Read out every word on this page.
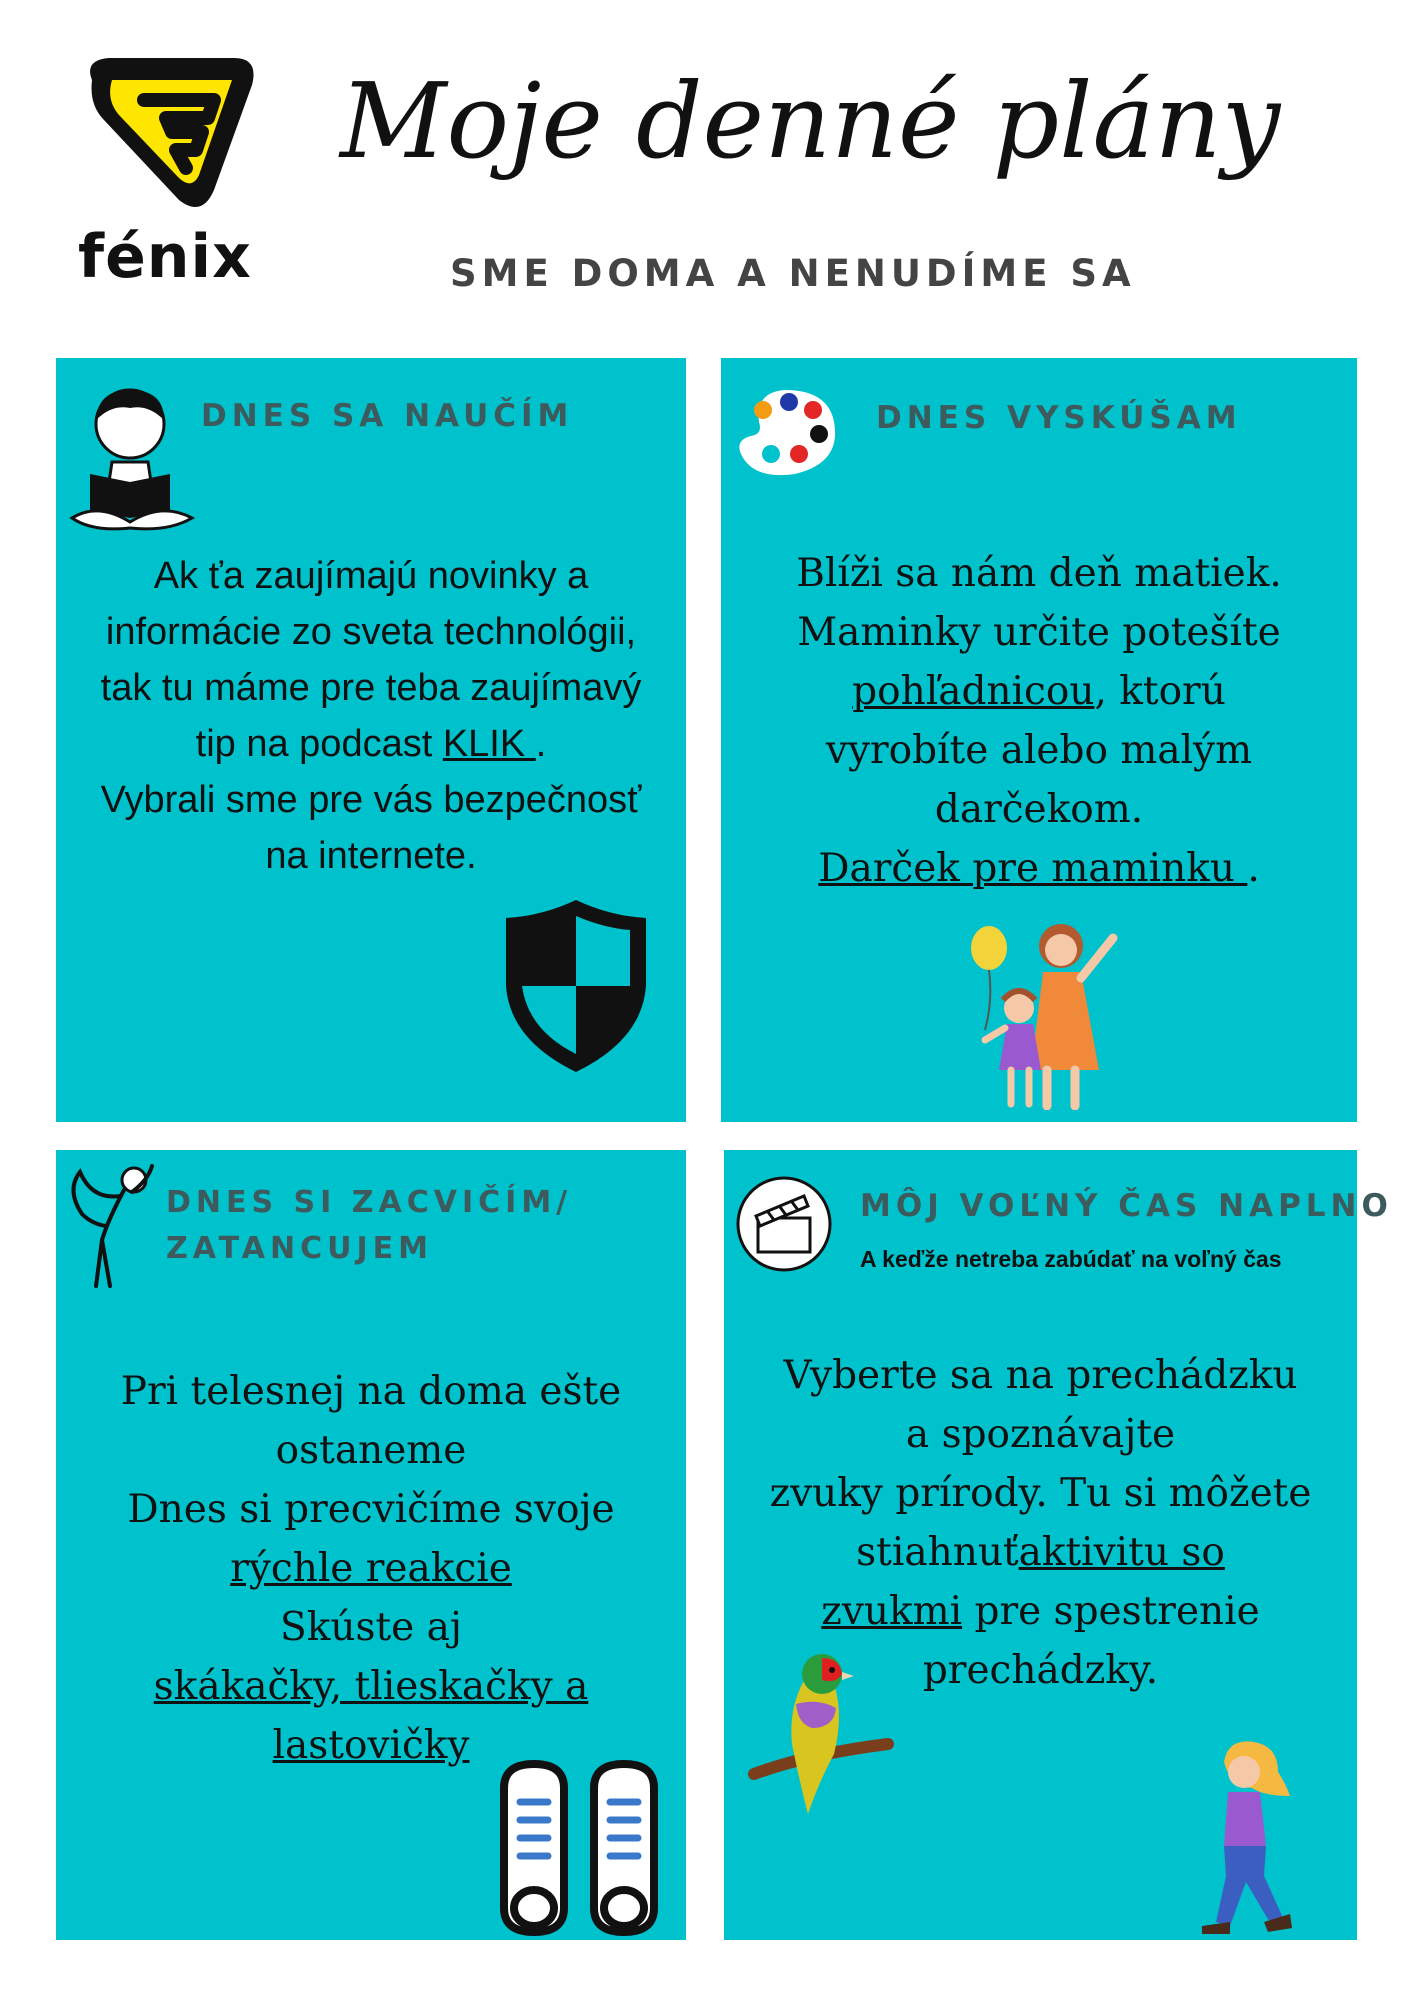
fénix
Moje denné plány
SME DOMA A NENUDÍME SA
DNES SA NAUČÍM
Ak ťa zaujímajú novinky a
informácie zo sveta technológii,
tak tu máme pre teba zaujímavý
tip na podcast KLIK .
Vybrali sme pre vás bezpečnosť
na internete.
DNES VYSKÚŠAM
Blíži sa nám deň matiek.
Maminky určite potešíte
pohľadnicou, ktorú
vyrobíte alebo malým
darčekom.
Darček pre maminku .
DNES SI ZACVIČÍM/
ZATANCUJEM
Pri telesnej na doma ešte
ostaneme
Dnes si precvičíme svoje
rýchle reakcie
Skúste aj
skákačky, tlieskačky a
lastovičky
MÔJ VOĽNÝ ČAS NAPLNO
A keďže netreba zabúdať na voľný čas
Vyberte sa na prechádzku
a spoznávajte
zvuky prírody. Tu si môžete
stiahnuťaktivitu so
zvukmi pre spestrenie
prechádzky.
